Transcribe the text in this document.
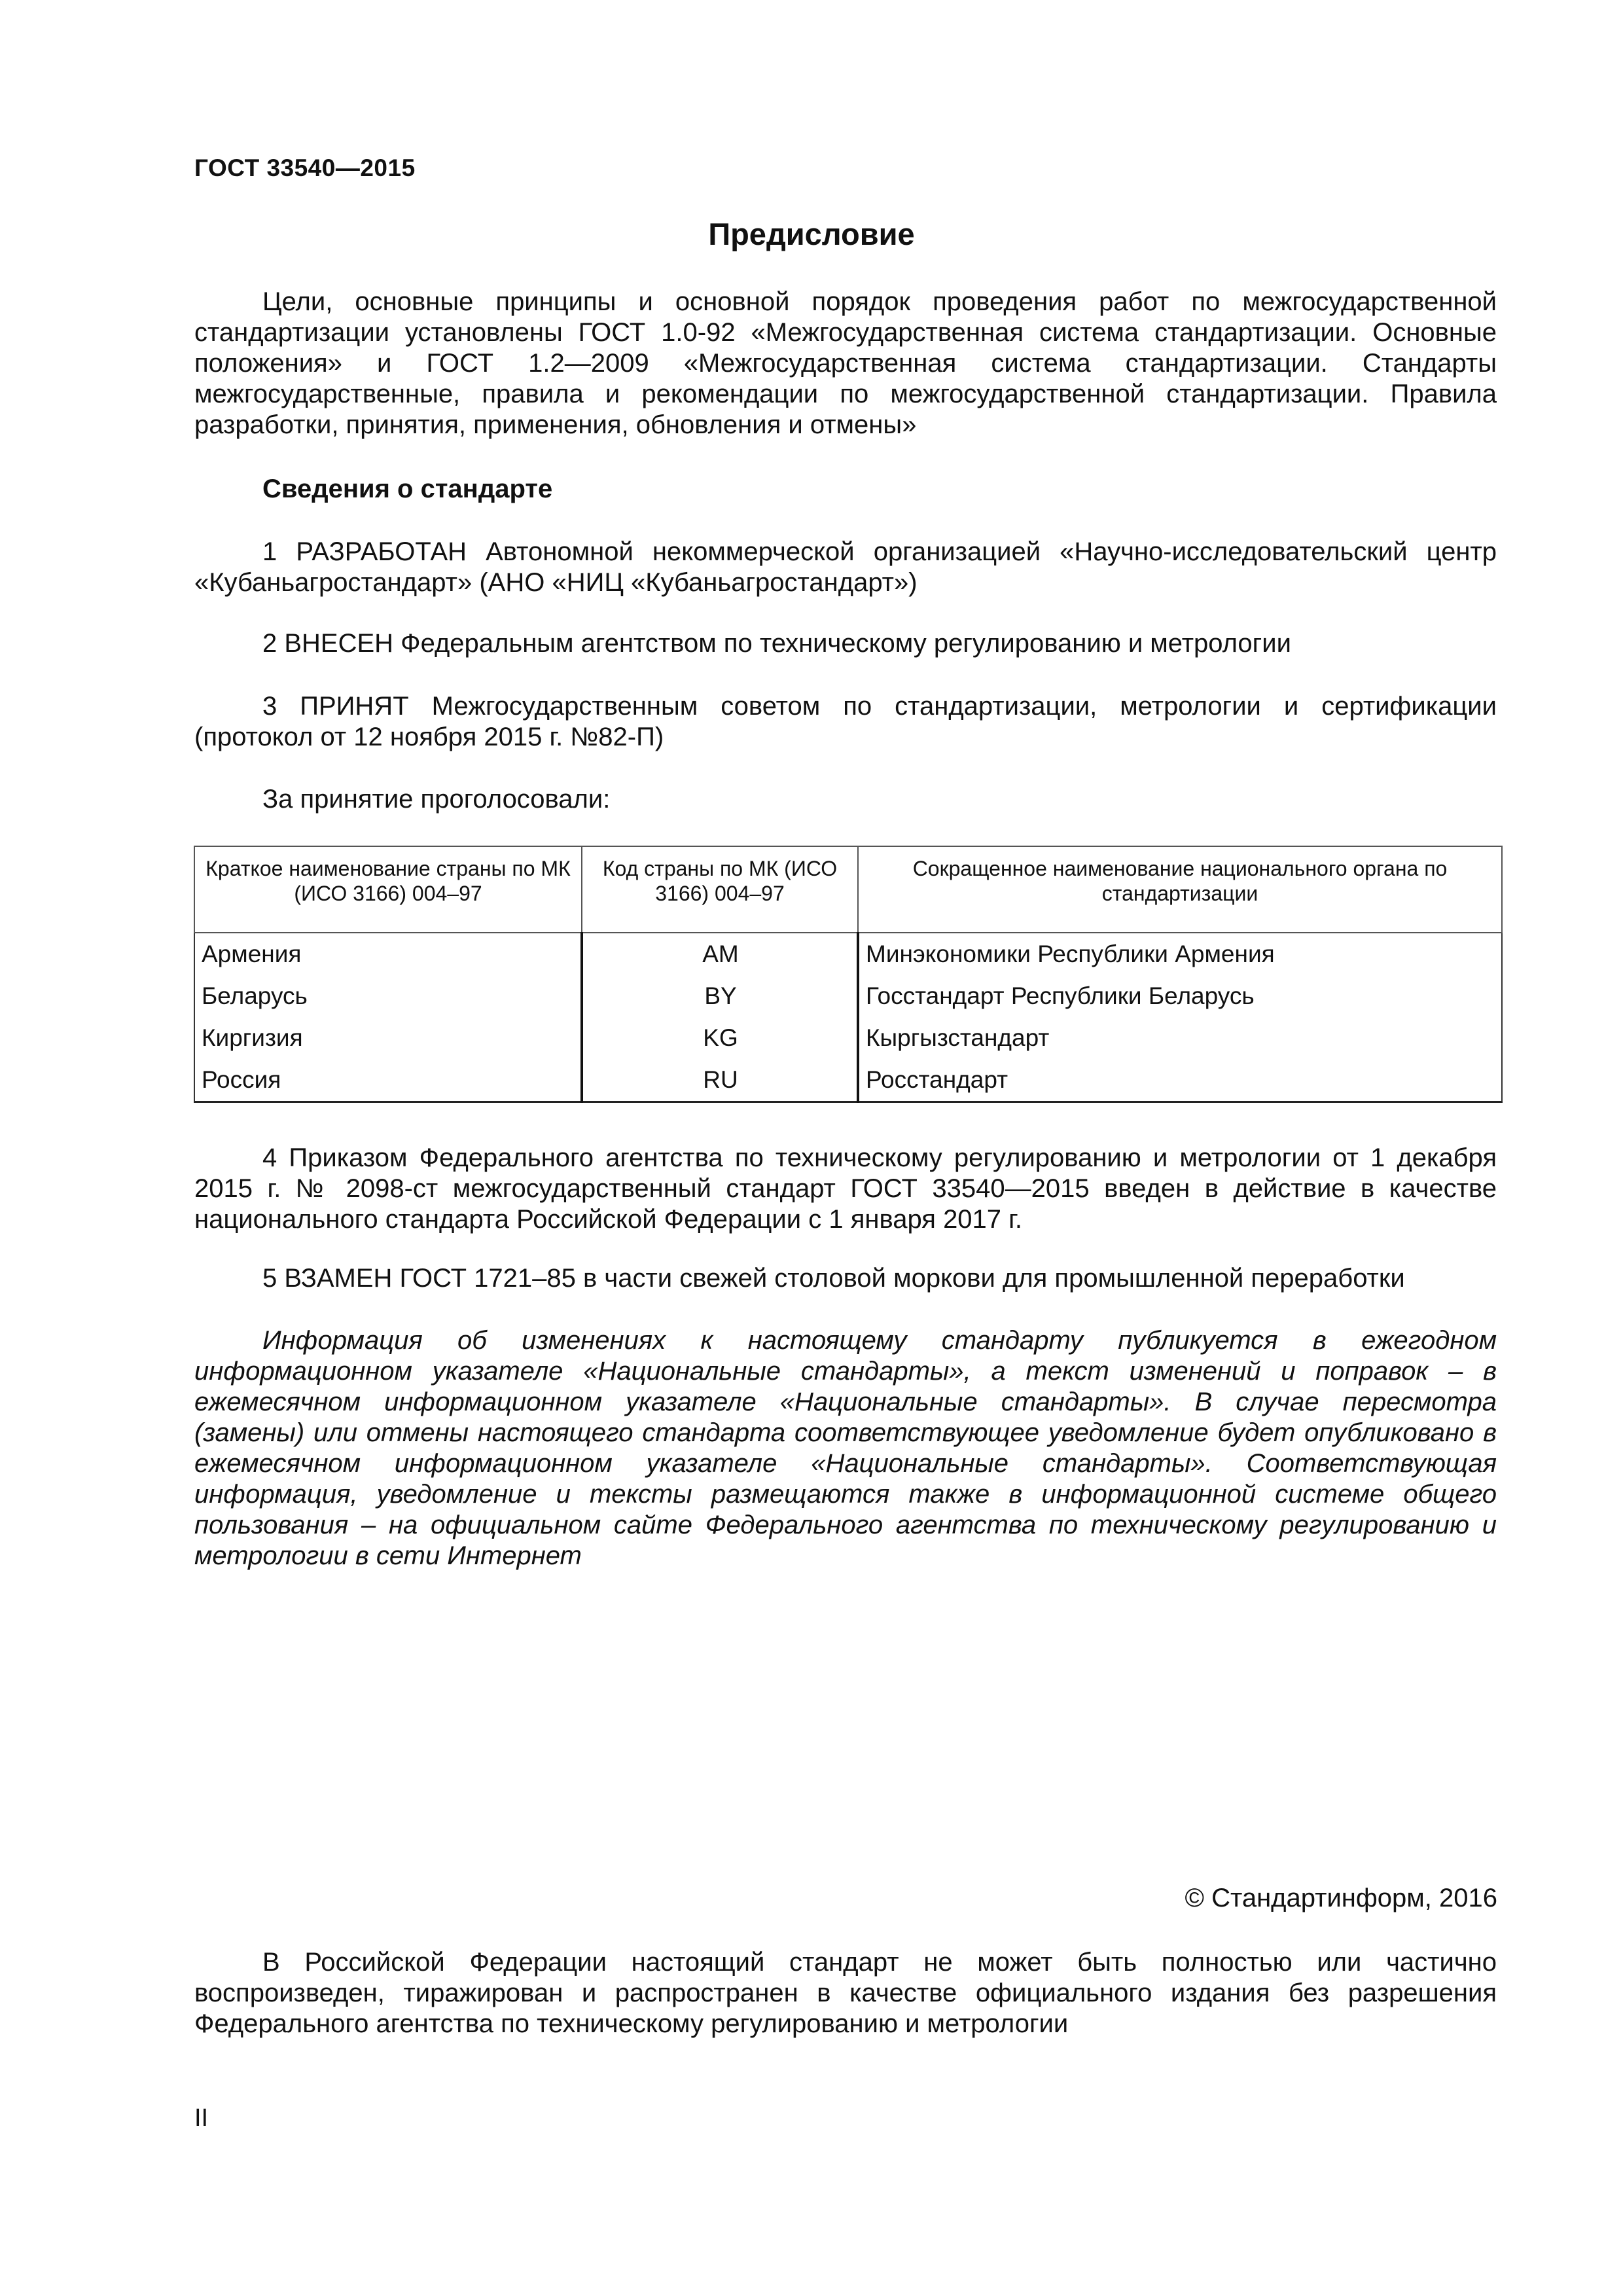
ГОСТ 33540—2015
Предисловие
Цели, основные принципы и основной порядок проведения работ по межгосударственной стандартизации установлены ГОСТ 1.0-92 «Межгосударственная система стандартизации. Основные положения» и ГОСТ 1.2—2009 «Межгосударственная система стандартизации. Стандарты межгосударственные, правила и рекомендации по межгосударственной стандартизации. Правила разработки, принятия, применения, обновления и отмены»
Сведения о стандарте
1 РАЗРАБОТАН Автономной некоммерческой организацией «Научно-исследовательский центр «Кубаньагростандарт» (АНО «НИЦ «Кубаньагростандарт»)
2 ВНЕСЕН Федеральным агентством по техническому регулированию и метрологии
3 ПРИНЯТ Межгосударственным советом по стандартизации, метрологии и сертификации (протокол от 12 ноября 2015 г. №82-П)
За принятие проголосовали:
Краткое наименование страны по МК (ИСО 3166) 004–97	Код страны по МК (ИСО 3166) 004–97	Сокращенное наименование национального органа по стандартизации
Армения	AM	Минэкономики Республики Армения
Беларусь	BY	Госстандарт Республики Беларусь
Киргизия	KG	Кыргызстандарт
Россия	RU	Росстандарт
4 Приказом Федерального агентства по техническому регулированию и метрологии от 1 декабря 2015 г. № 2098-ст межгосударственный стандарт ГОСТ 33540—2015 введен в действие в качестве национального стандарта Российской Федерации с 1 января 2017 г.
5 ВЗАМЕН ГОСТ 1721–85 в части свежей столовой моркови для промышленной переработки
Информация об изменениях к настоящему стандарту публикуется в ежегодном информационном указателе «Национальные стандарты», а текст изменений и поправок – в ежемесячном информационном указателе «Национальные стандарты». В случае пересмотра (замены) или отмены настоящего стандарта соответствующее уведомление будет опубликовано в ежемесячном информационном указателе «Национальные стандарты». Соответствующая информация, уведомление и тексты размещаются также в информационной системе общего пользования – на официальном сайте Федерального агентства по техническому регулированию и метрологии в сети Интернет
© Стандартинформ, 2016
В Российской Федерации настоящий стандарт не может быть полностью или частично воспроизведен, тиражирован и распространен в качестве официального издания без разрешения Федерального агентства по техническому регулированию и метрологии
II
